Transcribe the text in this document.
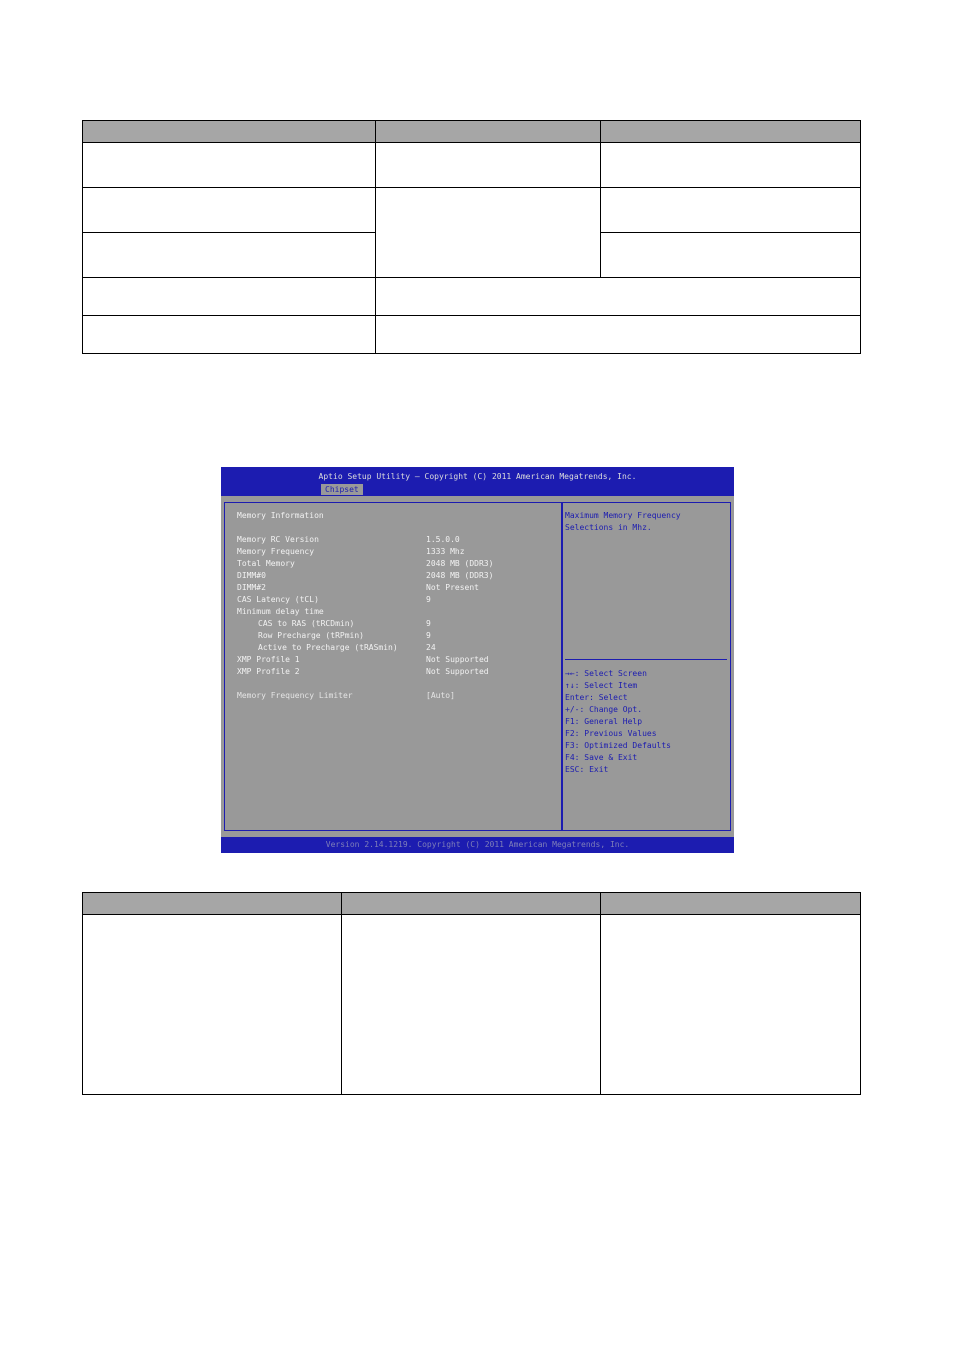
Aptio Setup Utility – Copyright (C) 2011 American Megatrends, Inc.
Chipset
Memory Information
Memory RC Version	1.5.0.0
Memory Frequency	1333 Mhz
Total Memory	2048 MB (DDR3)
DIMM#0	2048 MB (DDR3)
DIMM#2	Not Present
CAS Latency (tCL)	9
Minimum delay time
CAS to RAS (tRCDmin)	9
Row Precharge (tRPmin)	9
Active to Precharge (tRASmin)	24
XMP Profile 1	Not Supported
XMP Profile 2	Not Supported
Memory Frequency Limiter	[Auto]
Maximum Memory Frequency
Selections in Mhz.
→←: Select Screen
↑↓: Select Item
Enter: Select
+/-: Change Opt.
F1: General Help
F2: Previous Values
F3: Optimized Defaults
F4: Save & Exit
ESC: Exit
Version 2.14.1219. Copyright (C) 2011 American Megatrends, Inc.
